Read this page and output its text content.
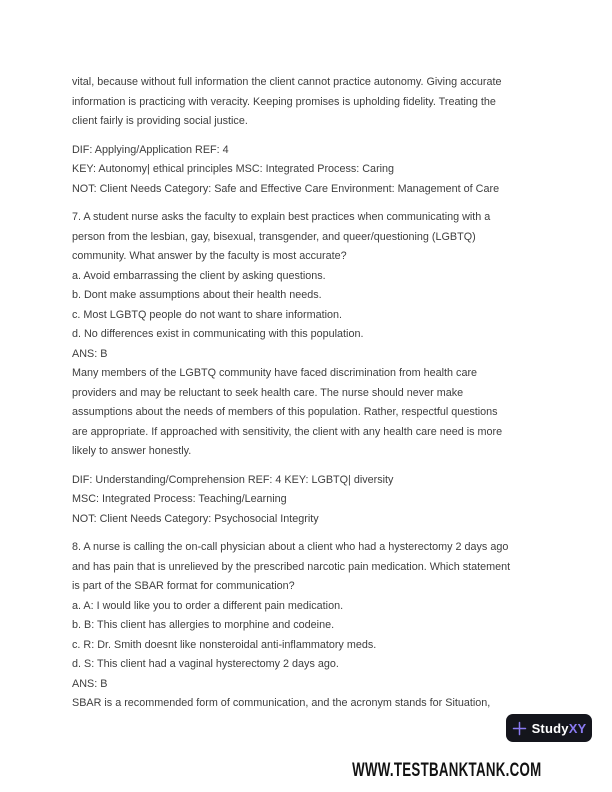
vital, because without full information the client cannot practice autonomy. Giving accurate
information is practicing with veracity. Keeping promises is upholding fidelity. Treating the
client fairly is providing social justice.
DIF: Applying/Application REF: 4
KEY: Autonomy| ethical principles MSC: Integrated Process: Caring
NOT: Client Needs Category: Safe and Effective Care Environment: Management of Care
7. A student nurse asks the faculty to explain best practices when communicating with a
person from the lesbian, gay, bisexual, transgender, and queer/questioning (LGBTQ)
community. What answer by the faculty is most accurate?
a. Avoid embarrassing the client by asking questions.
b. Dont make assumptions about their health needs.
c. Most LGBTQ people do not want to share information.
d. No differences exist in communicating with this population.
ANS: B
Many members of the LGBTQ community have faced discrimination from health care
providers and may be reluctant to seek health care. The nurse should never make
assumptions about the needs of members of this population. Rather, respectful questions
are appropriate. If approached with sensitivity, the client with any health care need is more
likely to answer honestly.
DIF: Understanding/Comprehension REF: 4 KEY: LGBTQ| diversity
MSC: Integrated Process: Teaching/Learning
NOT: Client Needs Category: Psychosocial Integrity
8. A nurse is calling the on-call physician about a client who had a hysterectomy 2 days ago
and has pain that is unrelieved by the prescribed narcotic pain medication. Which statement
is part of the SBAR format for communication?
a. A: I would like you to order a different pain medication.
b. B: This client has allergies to morphine and codeine.
c. R: Dr. Smith doesnt like nonsteroidal anti-inflammatory meds.
d. S: This client had a vaginal hysterectomy 2 days ago.
ANS: B
SBAR is a recommended form of communication, and the acronym stands for Situation,
StudyXY
WWW.TESTBANKTANK.COM
